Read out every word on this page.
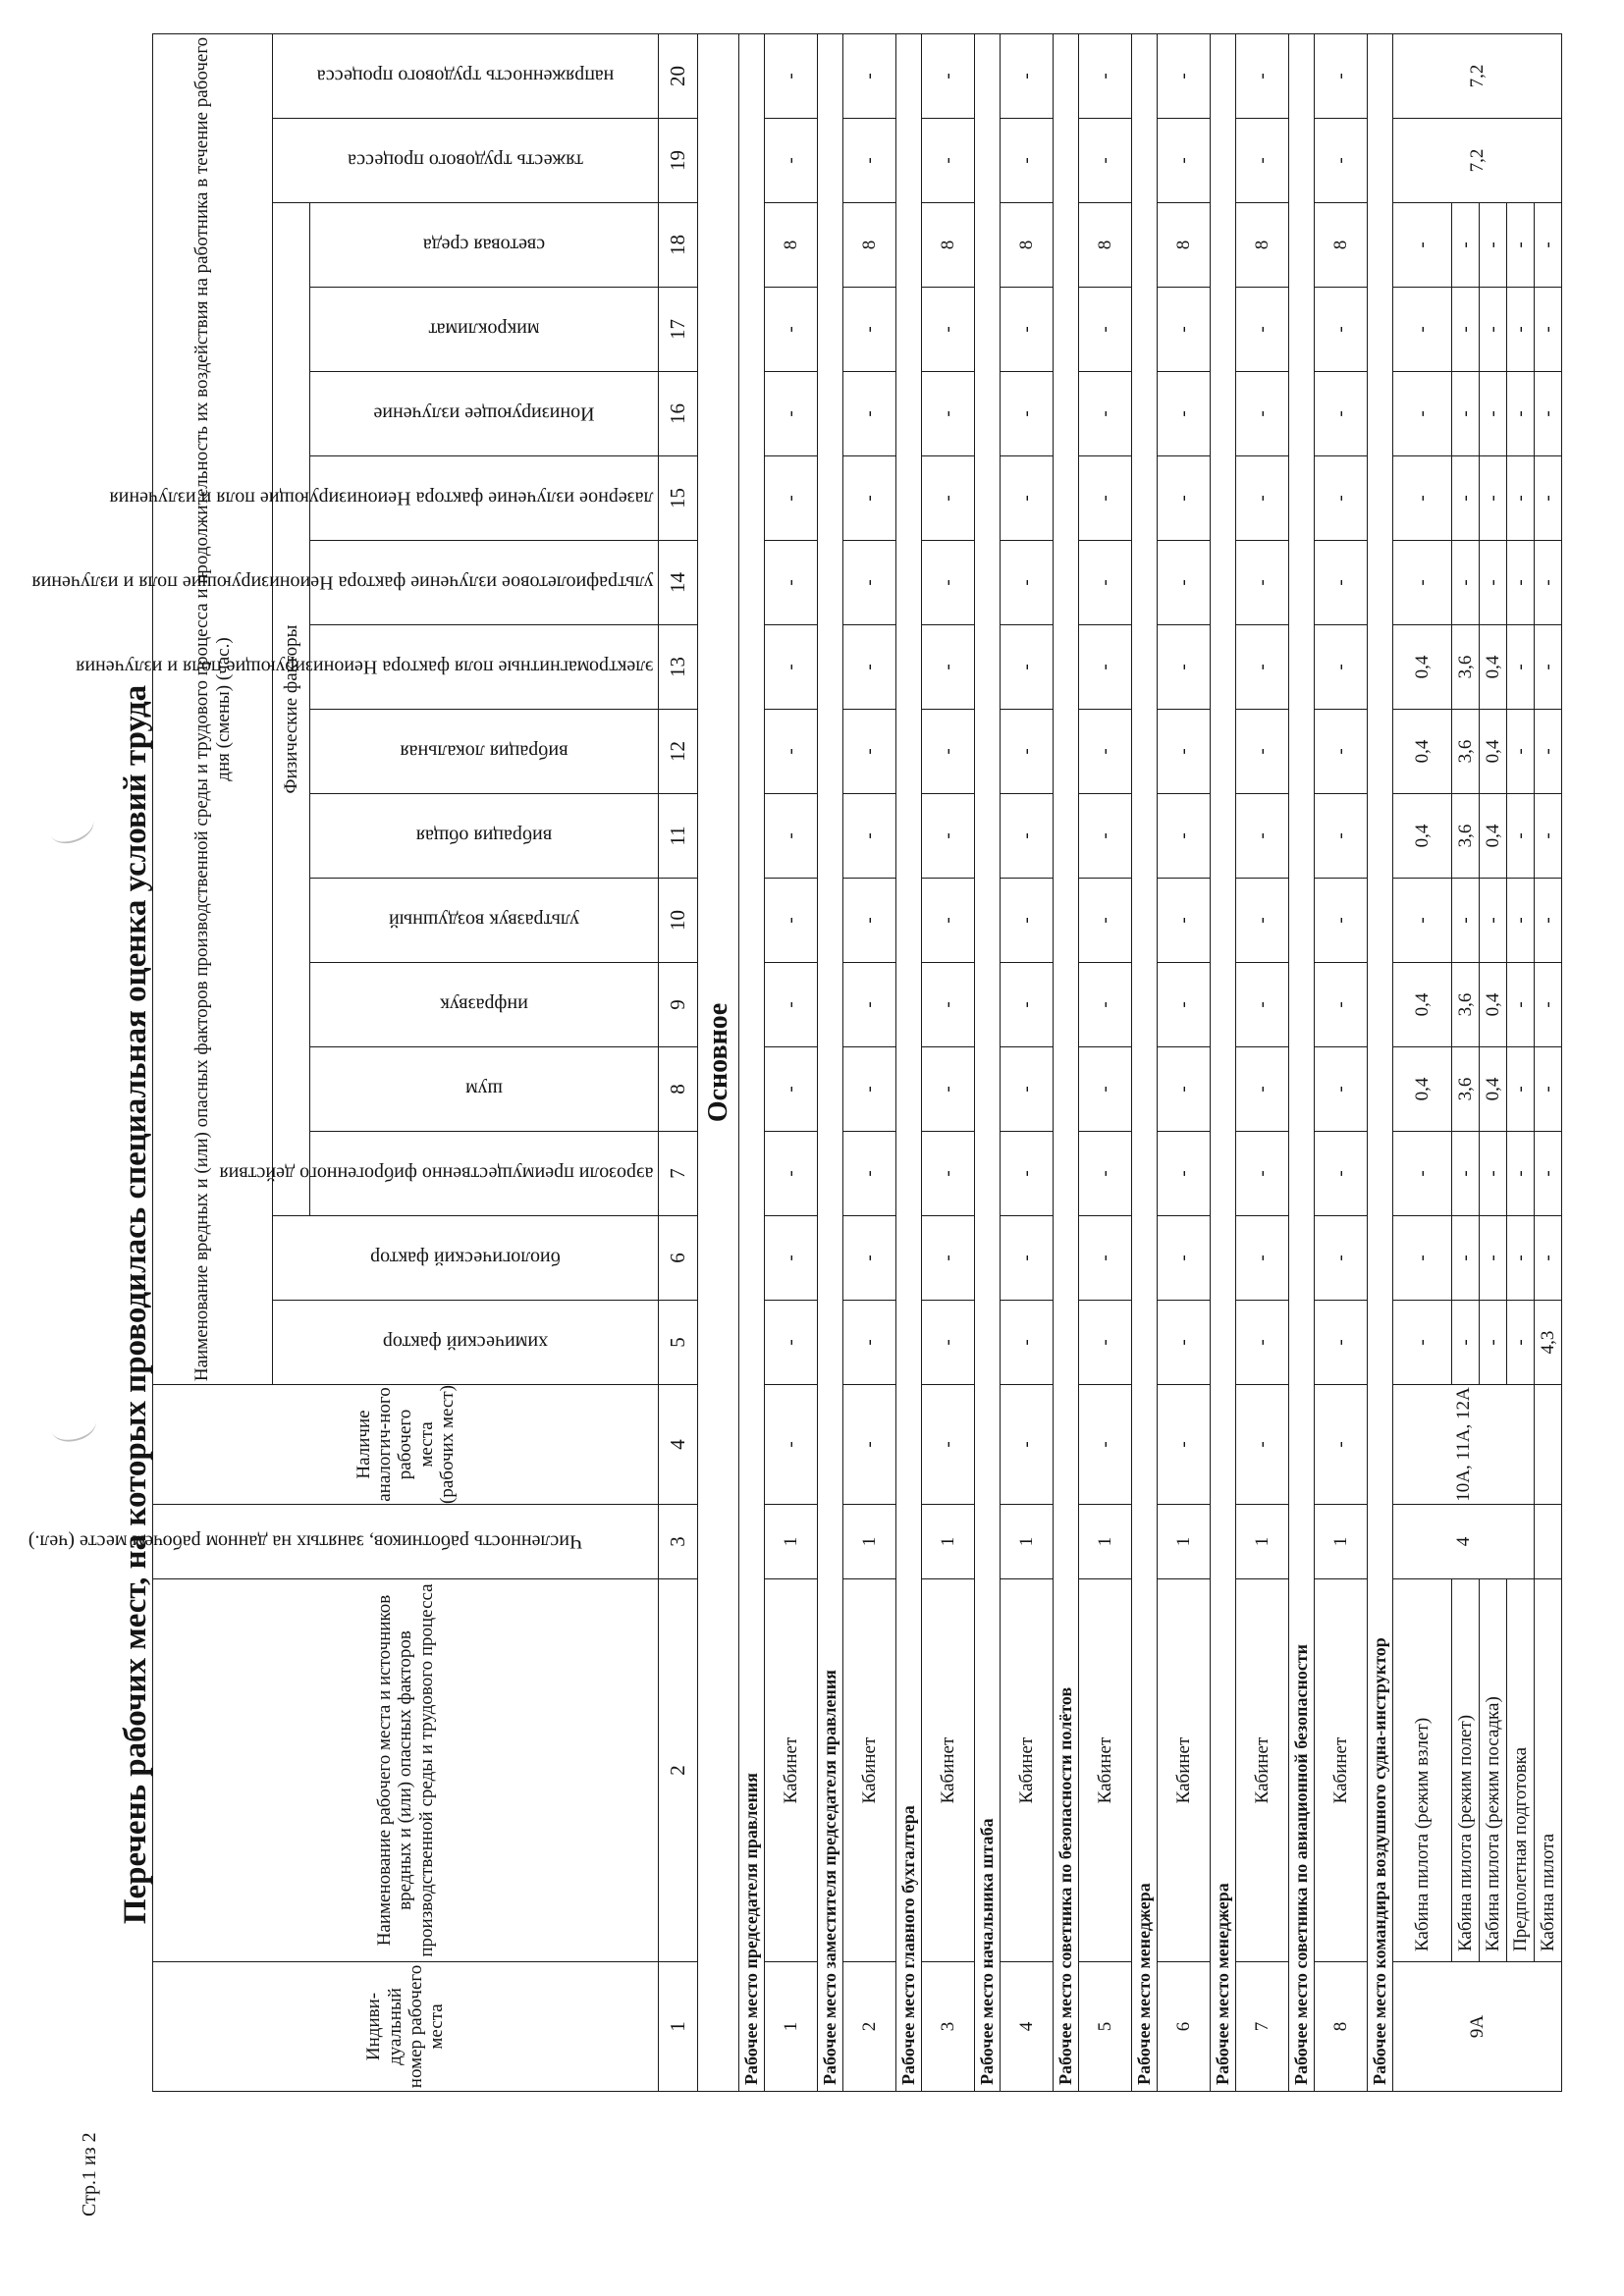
Стр.1 из 2
Перечень рабочих мест, на которых проводилась специальная оценка условий труда
Индиви-дуальный номер рабочего места	Наименование рабочего места и источников вредных и (или) опасных факторов производственной среды и трудового процесса	Численность работников, занятых на данном рабочем месте (чел.)	Наличие аналогич-ного рабочего места (рабочих мест)	Наименование вредных и (или) опасных факторов производственной среды и трудового процесса и продолжительность их воздействия на работника в течение рабочего дня (смены) (час.)															

				химический фактор	биологический фактор	Физические факторы												тяжесть трудового процесса	напряженность трудового процесса

						аэрозоли преимущественно фиброгенного действия	шум	инфразвук	ультразвук воздушный	вибрация общая	вибрация локальная	электромагнитные поля фактора Неионизирующие поля и излучения	ультрафиолетовое излучение фактора Неионизирующие поля и излучения	лазерное излучение фактора Неионизирующие поля и излучения	Ионизирующее излучение	микроклимат	световая среда		

1	2	3	4	5	6	7	8	9	10	11	12	13	14	15	16	17	18	19	20
Основное																			
Рабочее место председателя правления																			
1	Кабинет	1	-	-	-	-	-	-	-	-	-	-	-	-	-	-	8	-	-
Рабочее место заместителя председателя правления																			
2	Кабинет	1	-	-	-	-	-	-	-	-	-	-	-	-	-	-	8	-	-
Рабочее место главного бухгалтера																			
3	Кабинет	1	-	-	-	-	-	-	-	-	-	-	-	-	-	-	8	-	-
Рабочее место начальника штаба																			
4	Кабинет	1	-	-	-	-	-	-	-	-	-	-	-	-	-	-	8	-	-
Рабочее место советника по безопасности полётов																			
5	Кабинет	1	-	-	-	-	-	-	-	-	-	-	-	-	-	-	8	-	-
Рабочее место менеджера																			
6	Кабинет	1	-	-	-	-	-	-	-	-	-	-	-	-	-	-	8	-	-
Рабочее место менеджера																			
7	Кабинет	1	-	-	-	-	-	-	-	-	-	-	-	-	-	-	8	-	-
Рабочее место советника по авиационной безопасности																			
8	Кабинет	1	-	-	-	-	-	-	-	-	-	-	-	-	-	-	8	-	-
Рабочее место командира воздушного судна-инструктор																			
9А	Кабина пилота (режим взлет)	4	10А, 11А, 12А	-	-	-	0,4	0,4	-	0,4	0,4	0,4	-	-	-	-	-	7,2	7,2
	Кабина пилота (режим полет)			-	-	-	3,6	3,6	-	3,6	3,6	3,6	-	-	-	-	-		
	Кабина пилота (режим посадка)			-	-	-	0,4	0,4	-	0,4	0,4	0,4	-	-	-	-	-		
	Предполетная подготовка			-	-	-	-	-	-	-	-	-	-	-	-	-	-		
	Кабина пилота			4,3	-	-	-	-	-	-	-	-	-	-	-	-	-		
